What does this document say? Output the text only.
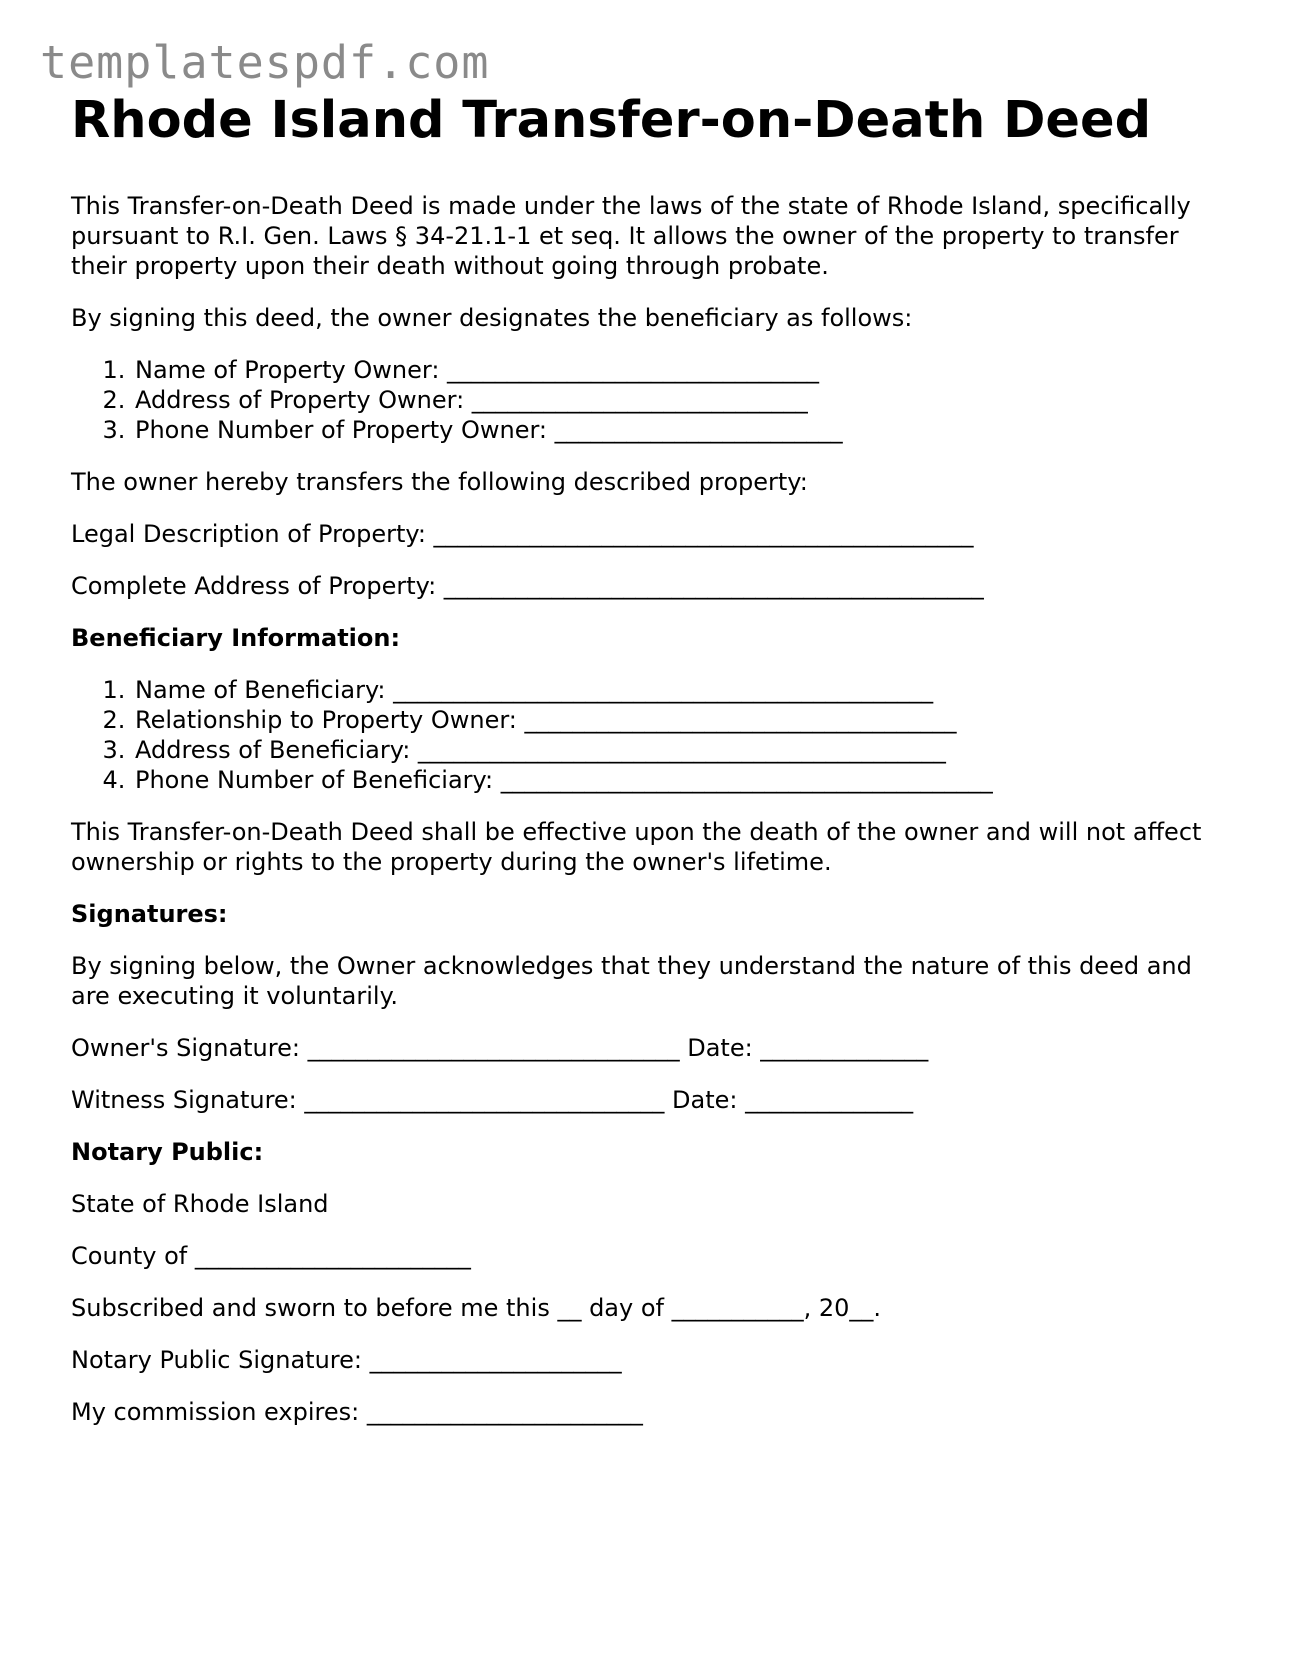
templatespdf.com
Rhode Island Transfer-on-Death Deed

This Transfer-on-Death Deed is made under the laws of the state of Rhode Island, specifically pursuant to R.I. Gen. Laws § 34-21.1-1 et seq. It allows the owner of the property to transfer their property upon their death without going through probate.

By signing this deed, the owner designates the beneficiary as follows:

1. Name of Property Owner: _______________________________
2. Address of Property Owner: ____________________________
3. Phone Number of Property Owner: ________________________

The owner hereby transfers the following described property:

Legal Description of Property: _____________________________________________

Complete Address of Property: _____________________________________________

Beneficiary Information:

1. Name of Beneficiary: _____________________________________________
2. Relationship to Property Owner: ____________________________________
3. Address of Beneficiary: ____________________________________________
4. Phone Number of Beneficiary: _________________________________________

This Transfer-on-Death Deed shall be effective upon the death of the owner and will not affect ownership or rights to the property during the owner's lifetime.

Signatures:

By signing below, the Owner acknowledges that they understand the nature of this deed and are executing it voluntarily.

Owner's Signature: _______________________________ Date: ______________

Witness Signature: ______________________________ Date: ______________

Notary Public:

State of Rhode Island

County of _______________________

Subscribed and sworn to before me this __ day of ___________, 20__.

Notary Public Signature: _____________________

My commission expires: _______________________
